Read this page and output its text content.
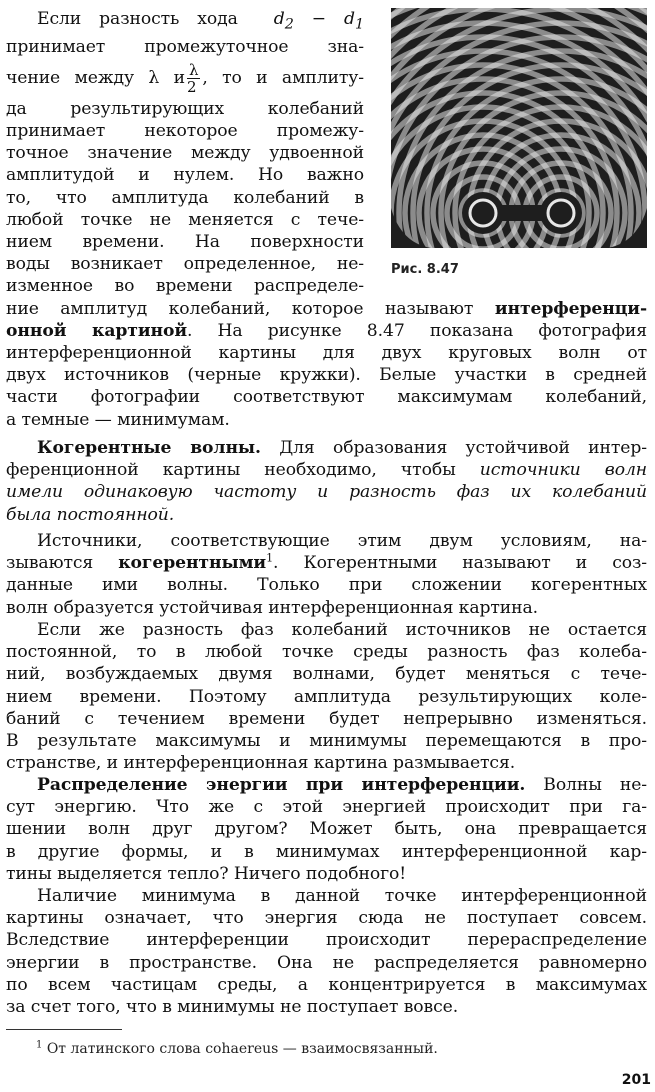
Если разность хода $d_2 - d_1$
принимает промежуточное зна-
чение между λ и $\frac{\lambda}{2}$ , то и амплиту-
да результирующих колебаний
принимает некоторое промежу-
точное значение между удвоенной
амплитудой и нулем. Но важно
то, что амплитуда колебаний в
любой точке не меняется с тече-
нием времени. На поверхности
воды возникает определенное, не-
изменное во времени распределе-
ние амплитуд колебаний, которое называют интерференци-
онной картиной. На рисунке 8.47 показана фотография
интерференционной картины для двух круговых волн от
двух источников (черные кружки). Белые участки в средней
части фотографии соответствуют максимумам колебаний,
а темные — минимумам.
Рис. 8.47
Когерентные волны. Для образования устойчивой интер-
ференционной картины необходимо, чтобы источники волн
имели одинаковую частоту и разность фаз их колебаний
была постоянной.
Источники, соответствующие этим двум условиям, на-
зываются когерентными$^1$. Когерентными называют и соз-
данные ими волны. Только при сложении когерентных
волн образуется устойчивая интерференционная картина.
Если же разность фаз колебаний источников не остается
постоянной, то в любой точке среды разность фаз колеба-
ний, возбуждаемых двумя волнами, будет меняться с тече-
нием времени. Поэтому амплитуда результирующих коле-
баний с течением времени будет непрерывно изменяться.
В результате максимумы и минимумы перемещаются в про-
странстве, и интерференционная картина размывается.
Распределение энергии при интерференции. Волны не-
сут энергию. Что же с этой энергией происходит при га-
шении волн друг другом? Может быть, она превращается
в другие формы, и в минимумах интерференционной кар-
тины выделяется тепло? Ничего подобного!
Наличие минимума в данной точке интерференционной
картины означает, что энергия сюда не поступает совсем.
Вследствие интерференции происходит перераспределение
энергии в пространстве. Она не распределяется равномерно
по всем частицам среды, а концентрируется в максимумах
за счет того, что в минимумы не поступает вовсе.
$^1$ От латинского слова cohaereus — взаимосвязанный.
201
